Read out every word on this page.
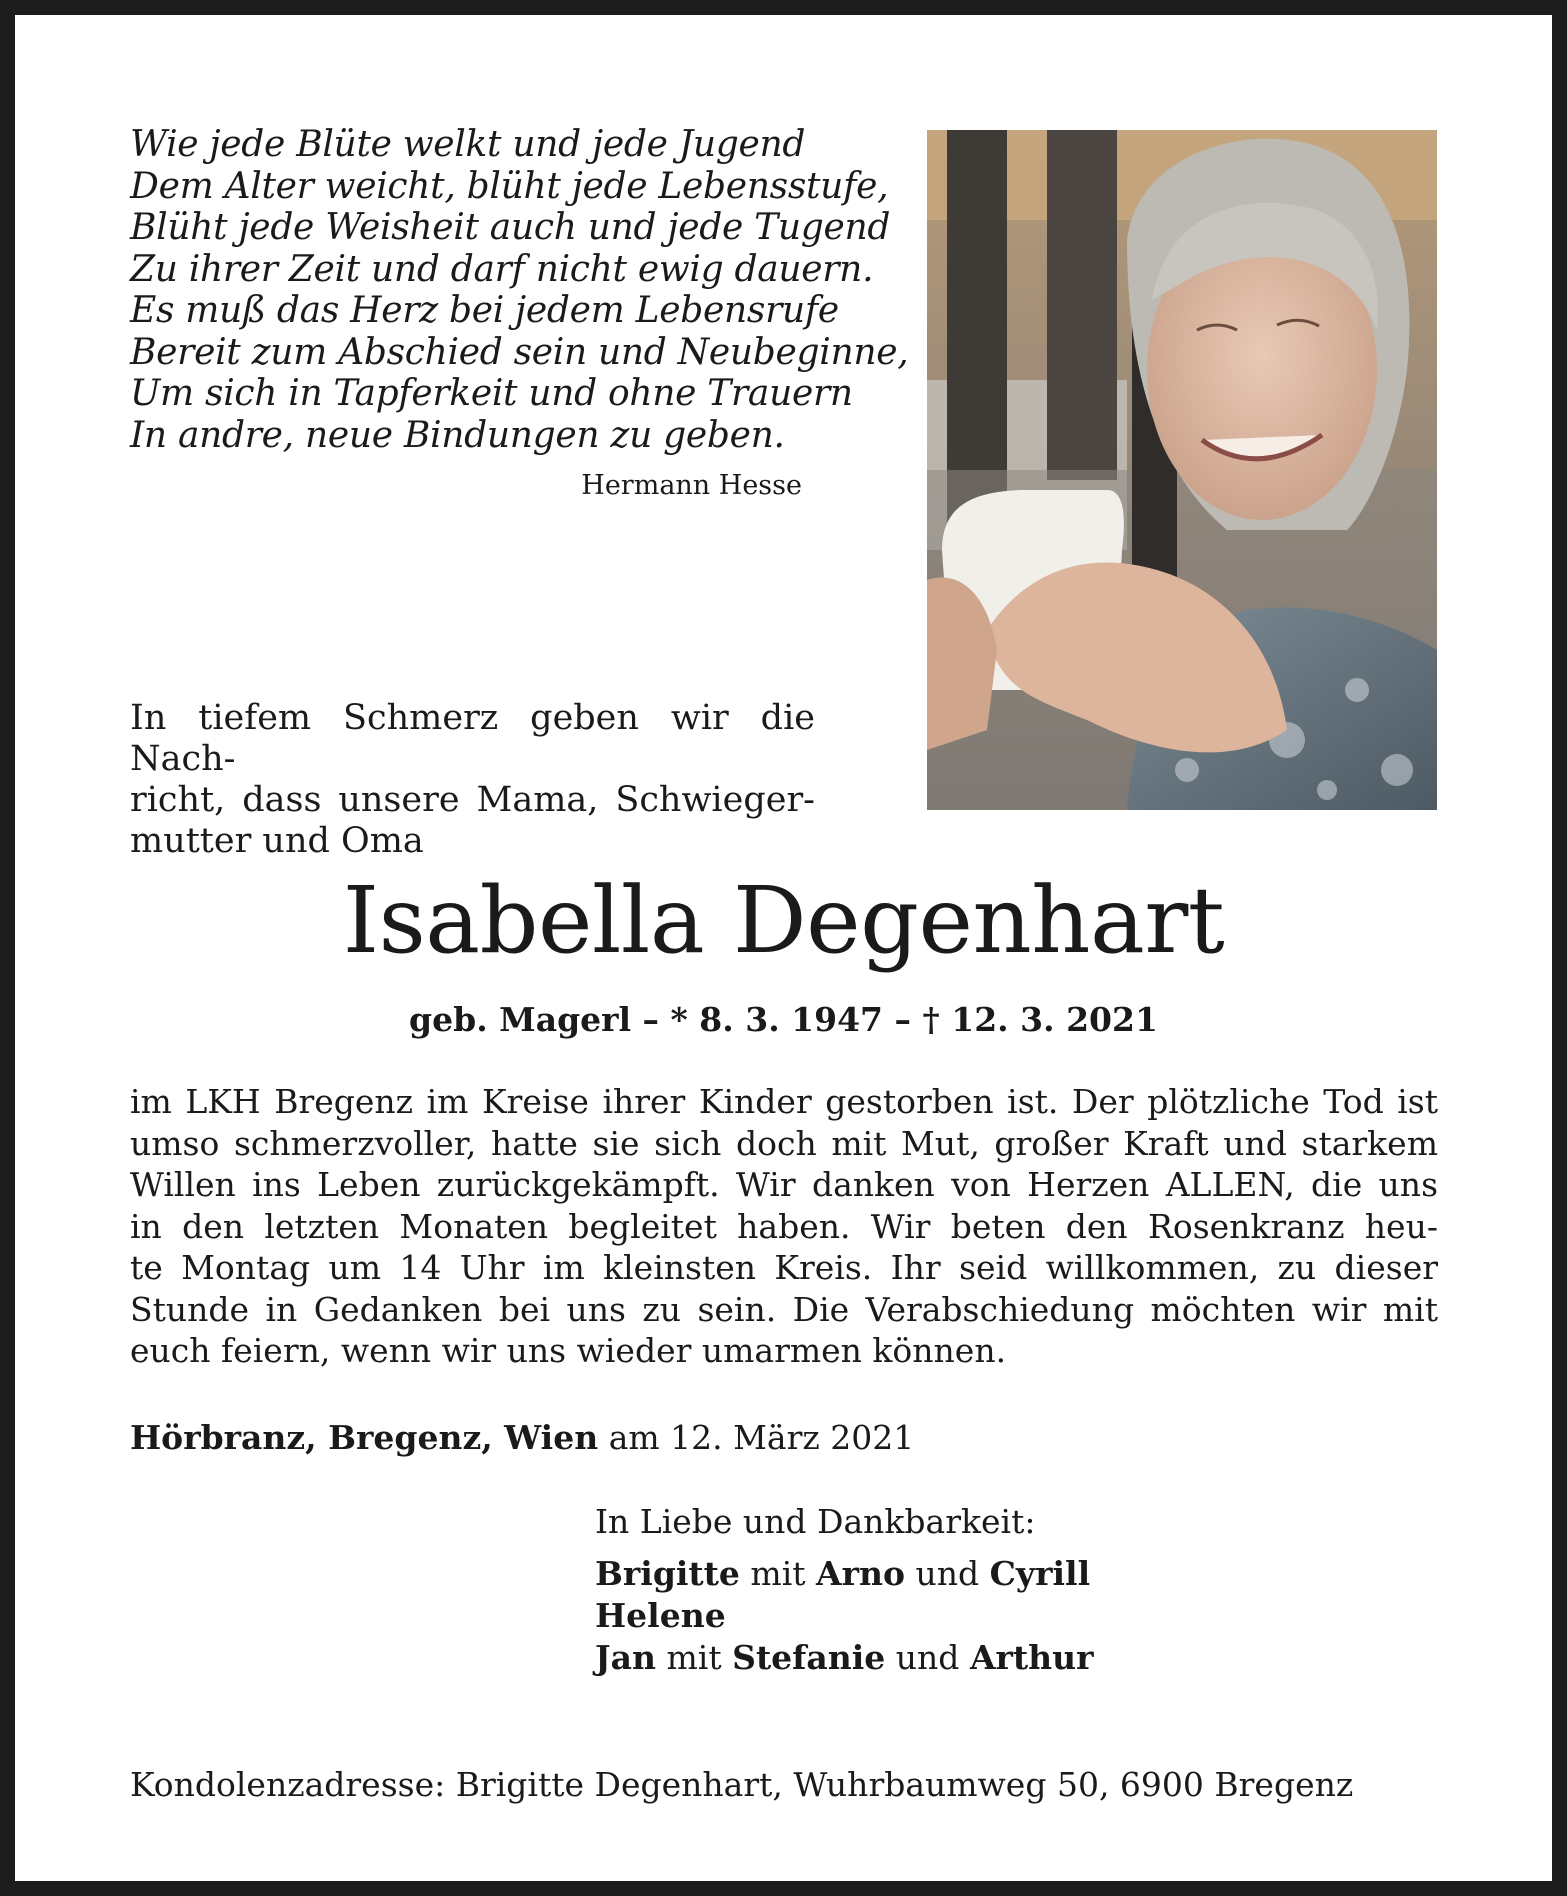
Wie jede Blüte welkt und jede Jugend
Dem Alter weicht, blüht jede Lebensstufe,
Blüht jede Weisheit auch und jede Tugend
Zu ihrer Zeit und darf nicht ewig dauern.
Es muß das Herz bei jedem Lebensrufe
Bereit zum Abschied sein und Neubeginne,
Um sich in Tapferkeit und ohne Trauern
In andre, neue Bindungen zu geben.
Hermann Hesse
In tiefem Schmerz geben wir die Nach-
richt, dass unsere Mama, Schwieger-
mutter und Oma
Isabella Degenhart
geb. Magerl – * 8. 3. 1947 – † 12. 3. 2021
im LKH Bregenz im Kreise ihrer Kinder gestorben ist. Der plötzliche Tod ist
umso schmerzvoller, hatte sie sich doch mit Mut, großer Kraft und starkem
Willen ins Leben zurückgekämpft. Wir danken von Herzen ALLEN, die uns
in den letzten Monaten begleitet haben. Wir beten den Rosenkranz heu-
te Montag um 14 Uhr im kleinsten Kreis. Ihr seid willkommen, zu dieser
Stunde in Gedanken bei uns zu sein. Die Verabschiedung möchten wir mit
euch feiern, wenn wir uns wieder umarmen können.
Hörbranz, Bregenz, Wien am 12. März 2021
In Liebe und Dankbarkeit:
Brigitte mit Arno und Cyrill
Helene
Jan mit Stefanie und Arthur
Kondolenzadresse: Brigitte Degenhart, Wuhrbaumweg 50, 6900 Bregenz
